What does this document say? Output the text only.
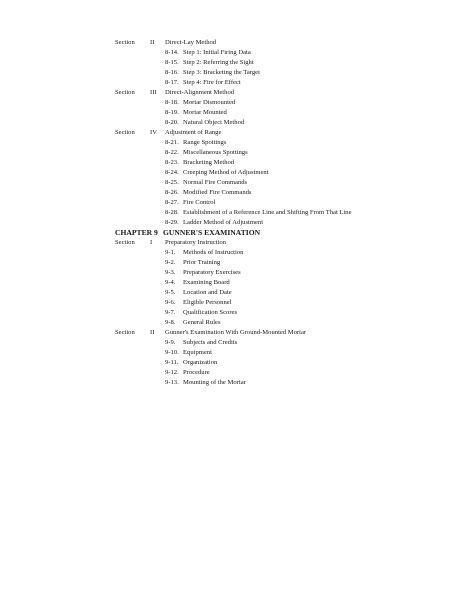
Section II Direct-Lay Method
8-14. Step 1: Initial Firing Data
8-15. Step 2: Referring the Sight
8-16. Step 3: Bracketing the Target
8-17. Step 4: Fire for Effect
Section III Direct-Alignment Method
8-18. Mortar Dismounted
8-19. Mortar Mounted
8-20. Natural Object Method
Section IV Adjustment of Range
8-21. Range Spottings
8-22. Miscellaneous Spottings
8-23. Bracketing Method
8-24. Creeping Method of Adjustment
8-25. Normal Fire Commands
8-26. Modified Fire Commands
8-27. Fire Control
8-28. Establishment of a Reference Line and Shifting From That Line
8-29. Ladder Method of Adjustment
CHAPTER 9 GUNNER'S EXAMINATION
Section I Preparatory Instruction
9-1. Methods of Instruction
9-2. Prior Training
9-3. Preparatory Exercises
9-4. Examining Board
9-5. Location and Date
9-6. Eligible Personnel
9-7. Qualification Scores
9-8. General Rules
Section II Gunner's Examination With Ground-Mounted Mortar
9-9. Subjects and Credits
9-10. Equipment
9-11. Organization
9-12. Procedure
9-13. Mounting of the Mortar
